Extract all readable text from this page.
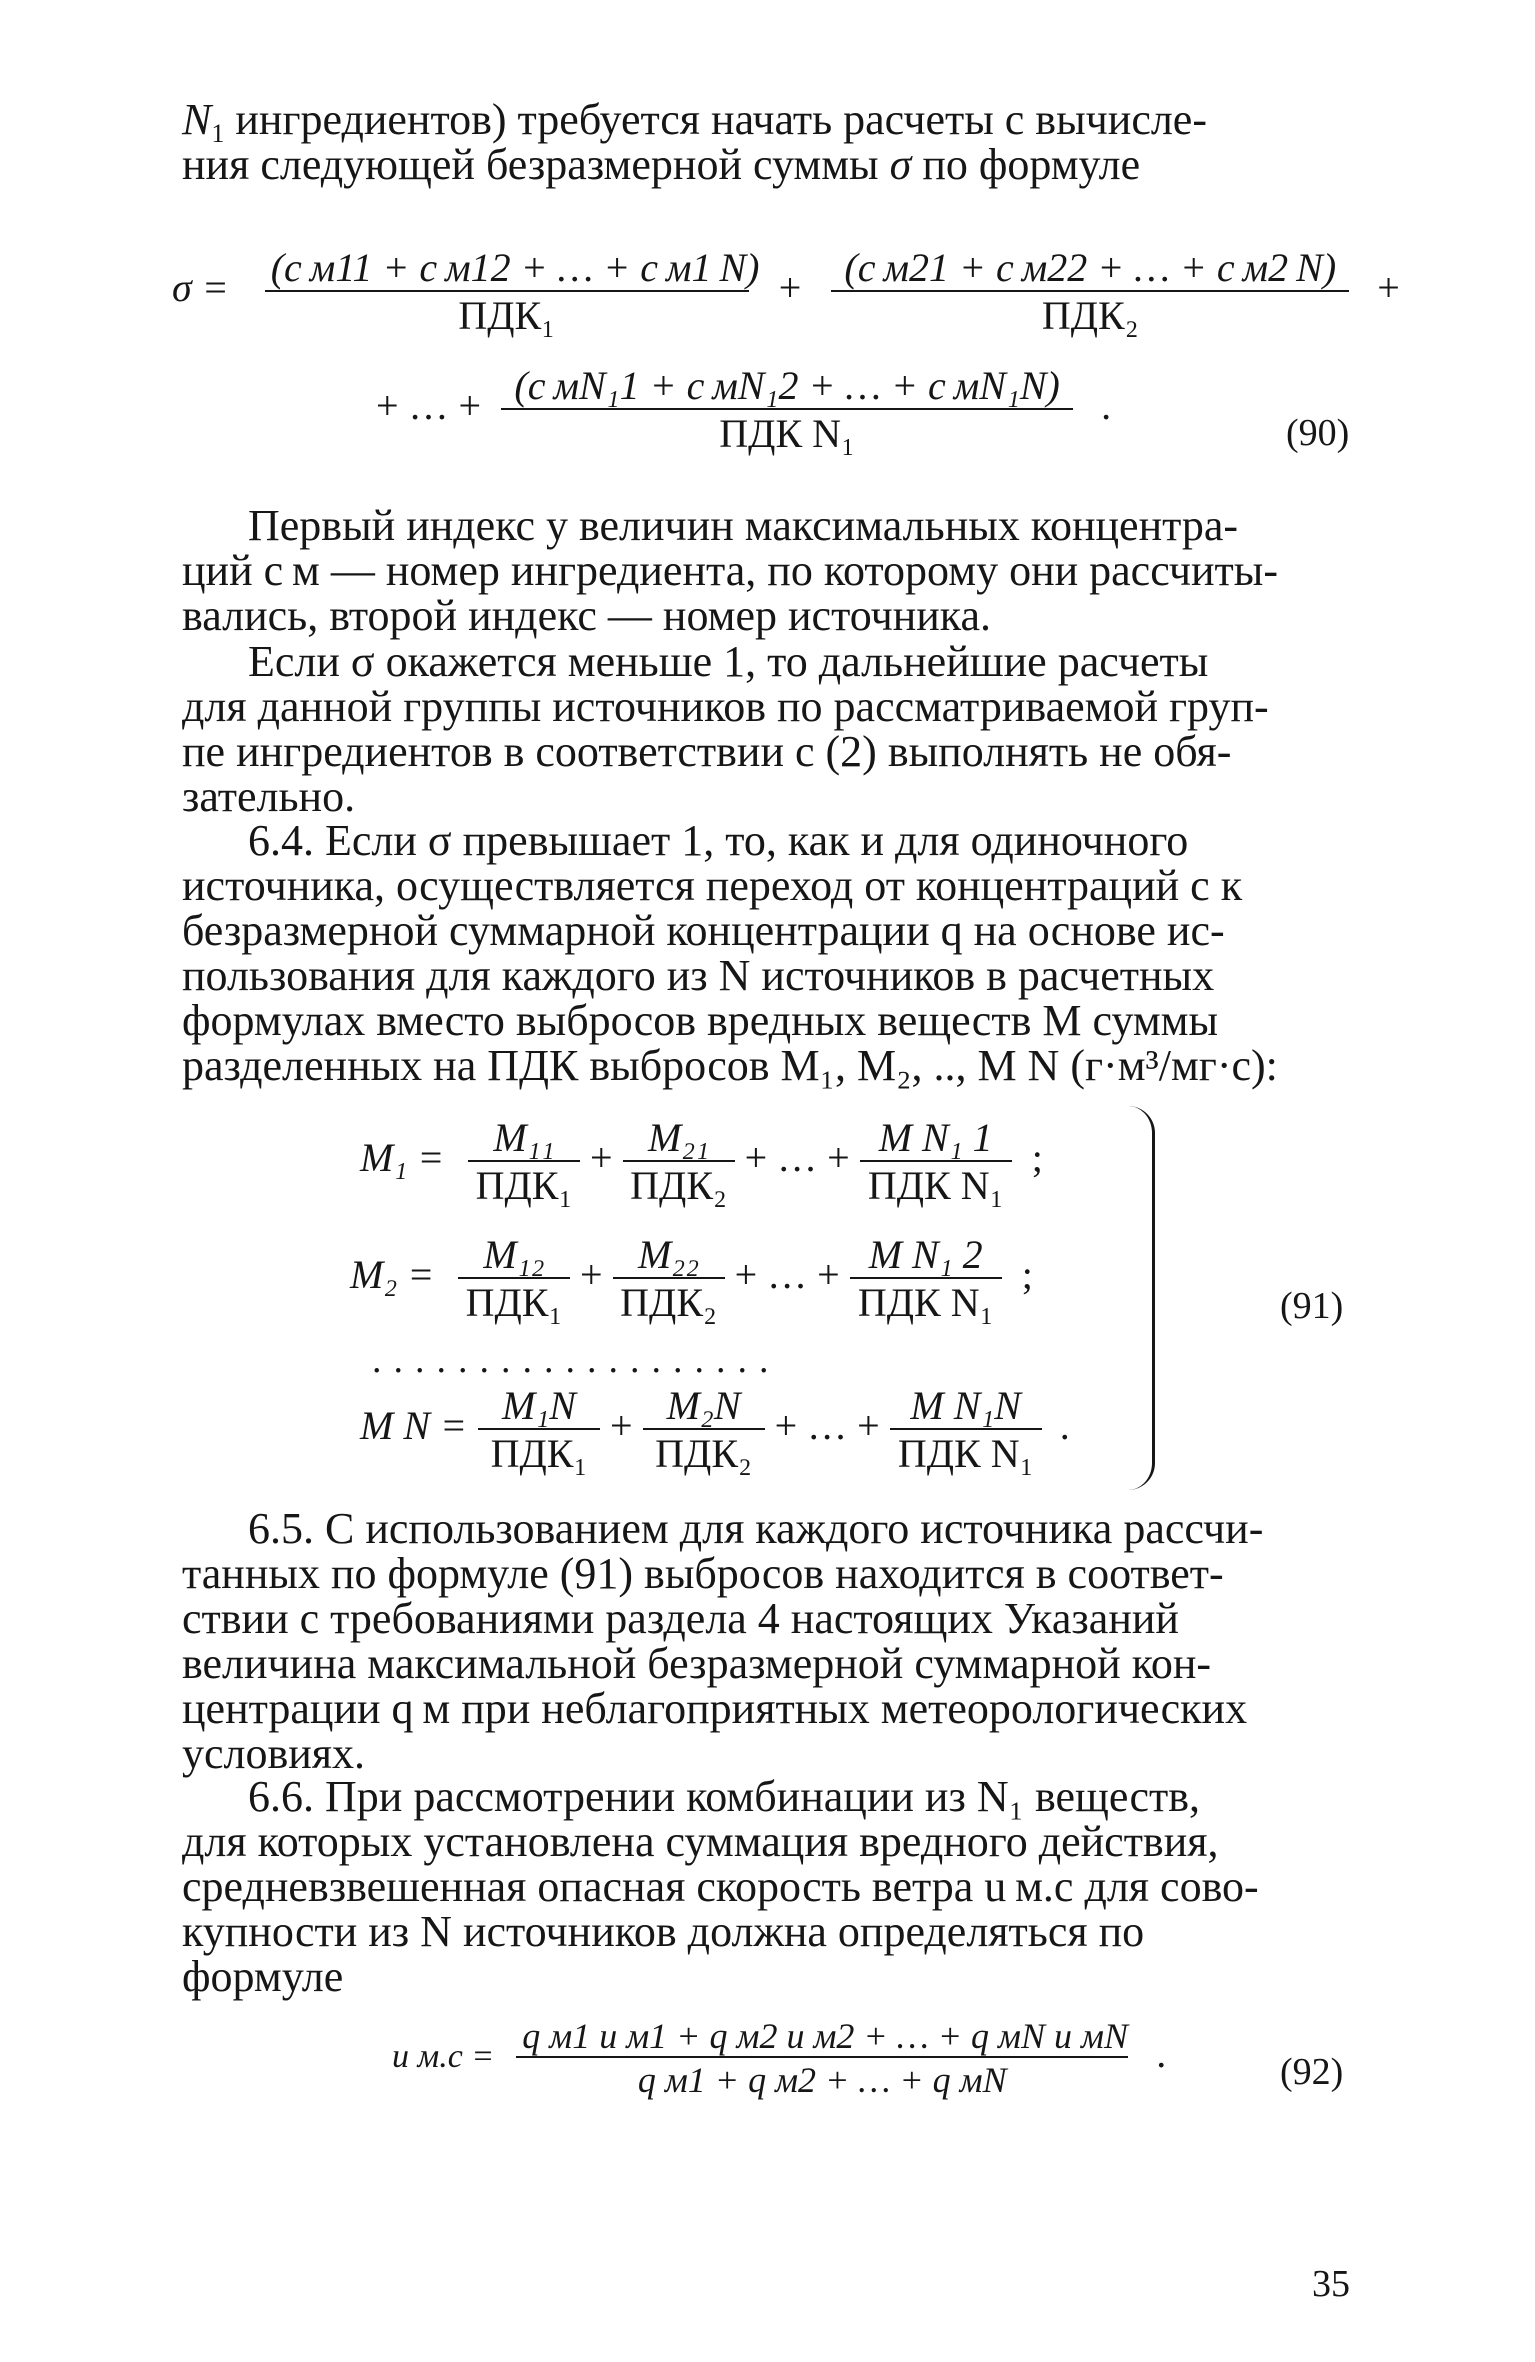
$N_1$ ингредиентов) требуется начать расчеты с вычисле-
ния следующей безразмерной суммы σ по формуле

$\sigma = \frac{\text{(c м11 + c м12 + … + c м1 N)}}{\text{ПДК₁}} + \frac{\text{(c м21 + c м22 + … + c м2 N)}}{\text{ПДК₂}}$ +
+ … + $\frac{\text{(c мN₁1 + c мN₁2 + … + c мN₁N)}}{\text{ПДК N₁}}$ .
(90)

Первый индекс у величин максимальных концентра-
ций c м — номер ингредиента, по которому они рассчиты-
вались, второй индекс — номер источника.

Если σ окажется меньше 1, то дальнейшие расчеты
для данной группы источников по рассматриваемой груп-
пе ингредиентов в соответствии с (2) выполнять не обя-
зательно.

6.4. Если σ превышает 1, то, как и для одиночного
источника, осуществляется переход от концентраций c к
безразмерной суммарной концентрации q на основе ис-
пользования для каждого из N источников в расчетных
формулах вместо выбросов вредных веществ M суммы
разделенных на ПДК выбросов M₁, M₂, .., M N (г·м³/мг·с):

$M_1 = \frac{\text{M₁₁}}{\text{ПДК₁}} + \frac{\text{M₂₁}}{\text{ПДК₂}}$ + … + $\frac{\text{M N₁ 1}}{\text{ПДК N₁}}$ ;
$M_2 = \frac{\text{M₁₂}}{\text{ПДК₁}} + \frac{\text{M₂₂}}{\text{ПДК₂}}$ + … + $\frac{\text{M N₁ 2}}{\text{ПДК N₁}}$ ;
...................
M $N = \frac{\text{M₁N}}{\text{ПДК₁}} + \frac{\text{M₂N}}{\text{ПДК₂}}$ + … + $\frac{\text{M N₁N}}{\text{ПДК N₁}}$ .
(91)

6.5. С использованием для каждого источника рассчи-
танных по формуле (91) выбросов находится в соответ-
ствии с требованиями раздела 4 настоящих Указаний
величина максимальной безразмерной суммарной кон-
центрации q м при неблагоприятных метеорологических
условиях.

6.6. При рассмотрении комбинации из N₁ веществ,
для которых установлена суммация вредного действия,
средневзвешенная опасная скорость ветра u м.с для сово-
купности из N источников должна определяться по
формуле

u $м.с = \frac{\text{q м1 u м1 + q м2 u м2 + … + q мN u мN}}{\text{q м1 + q м2 + … + q мN}}$ .	(92)
35
